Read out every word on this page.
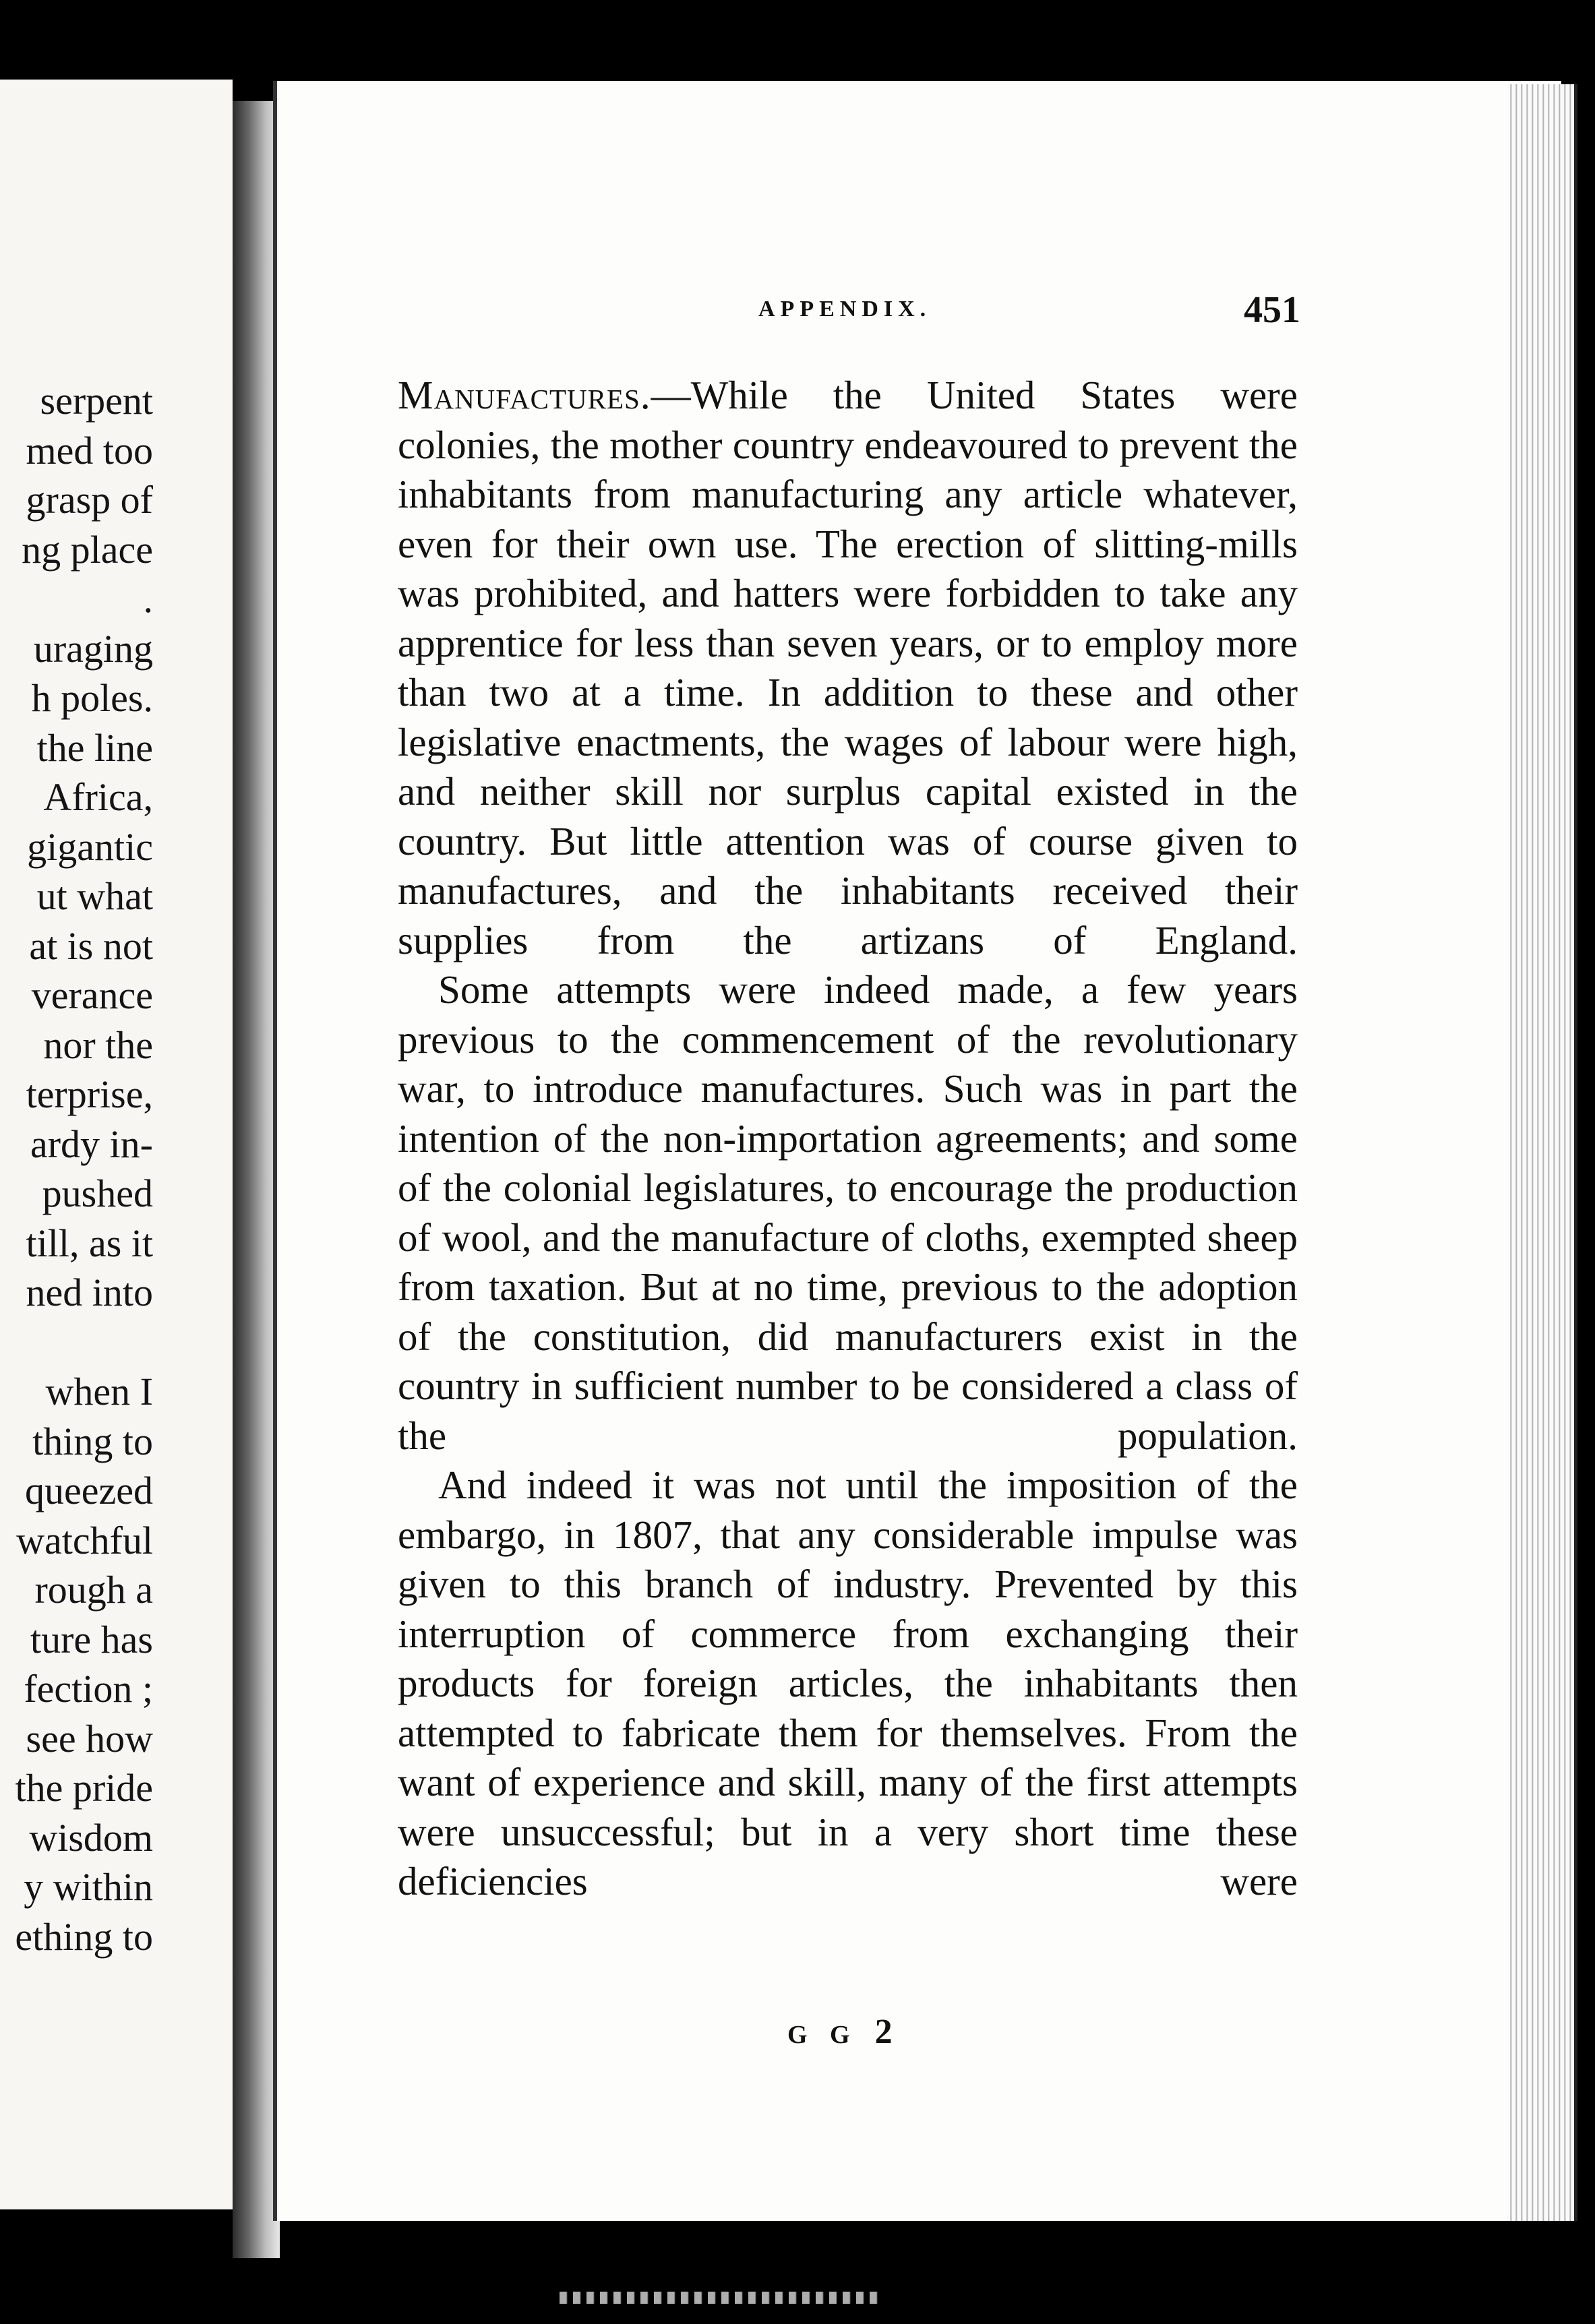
serpent
med too
grasp of
ng place
.
uraging
h poles.
the line
Africa,
gigantic
ut what
at is not
verance
nor the
terprise,
ardy in-
pushed
till, as it
ned into
when I
thing to
queezed
watchful
rough a
ture has
fection ;
see how
the pride
wisdom
y within
ething to
APPENDIX.	451

Manufactures.—While the United States were colonies, the mother country endeavoured to prevent the inhabitants from manufacturing any article whatever, even for their own use. The erection of slitting-mills was prohibited, and hatters were forbidden to take any apprentice for less than seven years, or to employ more than two at a time. In addition to these and other legislative enactments, the wages of labour were high, and neither skill nor surplus capital existed in the country. But little attention was of course given to manufactures, and the inhabitants received their supplies from the artizans of England.

Some attempts were indeed made, a few years previous to the commencement of the revolutionary war, to introduce manufactures. Such was in part the intention of the non-importation agreements; and some of the colonial legislatures, to encourage the production of wool, and the manufacture of cloths, exempted sheep from taxation. But at no time, previous to the adoption of the constitution, did manufacturers exist in the country in sufficient number to be considered a class of the population.

And indeed it was not until the imposition of the embargo, in 1807, that any considerable impulse was given to this branch of industry. Prevented by this interruption of commerce from exchanging their products for foreign articles, the inhabitants then attempted to fabricate them for themselves. From the want of experience and skill, many of the first attempts were unsuccessful; but in a very short time these deficiencies were

G G 2
